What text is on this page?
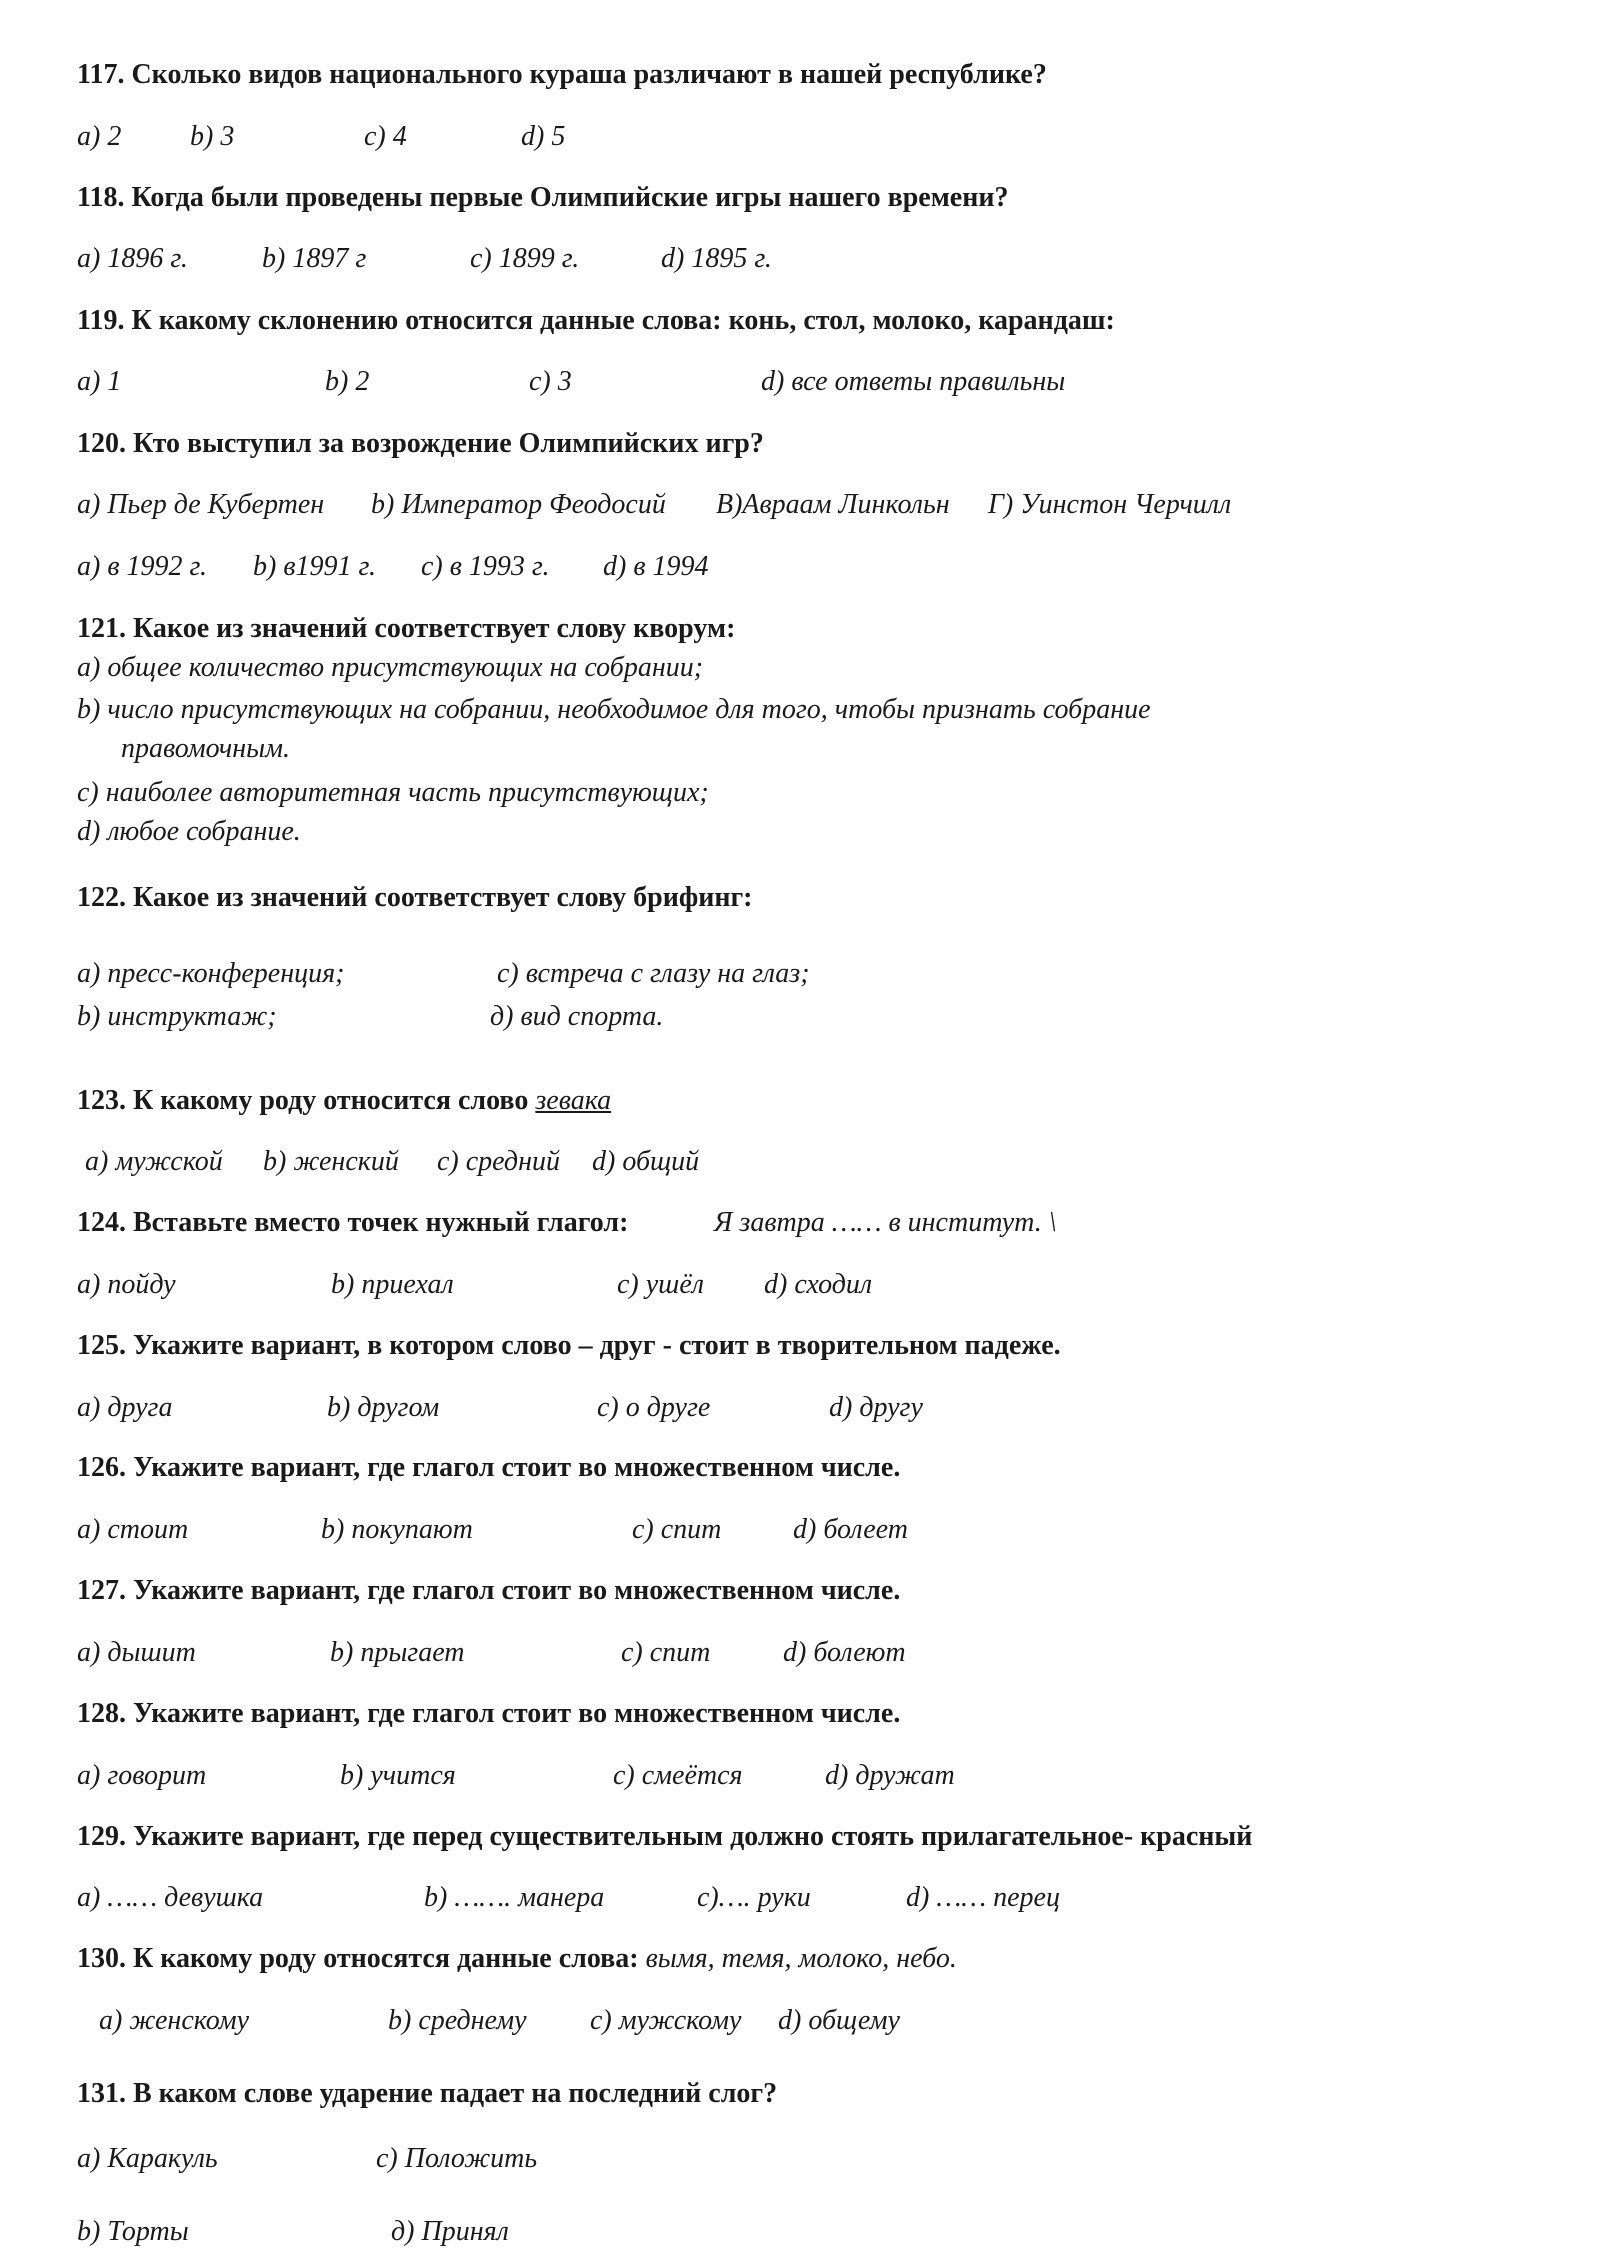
117. Сколько видов национального кураша различают в нашей республике?
а) 2 b) 3	c) 4	d) 5
118. Когда были проведены первые Олимпийские игры нашего времени?
а) 1896 г.	b) 1897 г	c) 1899 г.	d) 1895 г.
119. К какому склонению относится данные слова: конь, стол, молоко, карандаш:
а) 1	b) 2	c) 3	d) все ответы правильны
120. Кто выступил за возрождение Олимпийских игр?
а) Пьер де Кубертен b) Император Феодосий В)Авраам Линкольн Г) Уинстон Черчилл
а) в 1992 г. b) в1991 г. c) в 1993 г. d) в 1994
121. Какое из значений соответствует слову кворум:
а) общее количество присутствующих на собрании;
b) число присутствующих на собрании, необходимое для того, чтобы признать собрание
правомочным.
c) наиболее авторитетная часть присутствующих;
d) любое собрание.
122. Какое из значений соответствует слову брифинг:
а) пресс-конференция;	c) встреча с глазу на глаз;
b) инструктаж;	д) вид спорта.
123. К какому роду относится слово зевака
а) мужской b) женский c) средний d) общий
124. Вставьте вместо точек нужный глагол:	Я завтра …… в институт. \
а) пойду	b) приехал	c) ушёл d) сходил
125. Укажите вариант, в котором слово – друг - стоит в творительном падеже.
а) друга	b) другом	c) о друге	d) другу
126. Укажите вариант, где глагол стоит во множественном числе.
а) стоит	b) покупают	c) спит	d) болеет
127. Укажите вариант, где глагол стоит во множественном числе.
а) дышит	b) прыгает	c) спит	d) болеют
128. Укажите вариант, где глагол стоит во множественном числе.
а) говорит	b) учится	c) смеётся	d) дружат
129. Укажите вариант, где перед существительным должно стоять прилагательное- красный
а) …… девушка	b) ……. манера	c)…. руки	d) …… перец
130. К какому роду относятся данные слова: вымя, темя, молоко, небо.
а) женскому	b) среднему c) мужскому d) общему
131. В каком слове ударение падает на последний слог?
а) Каракуль	c) Положить
b) Торты	д) Принял
